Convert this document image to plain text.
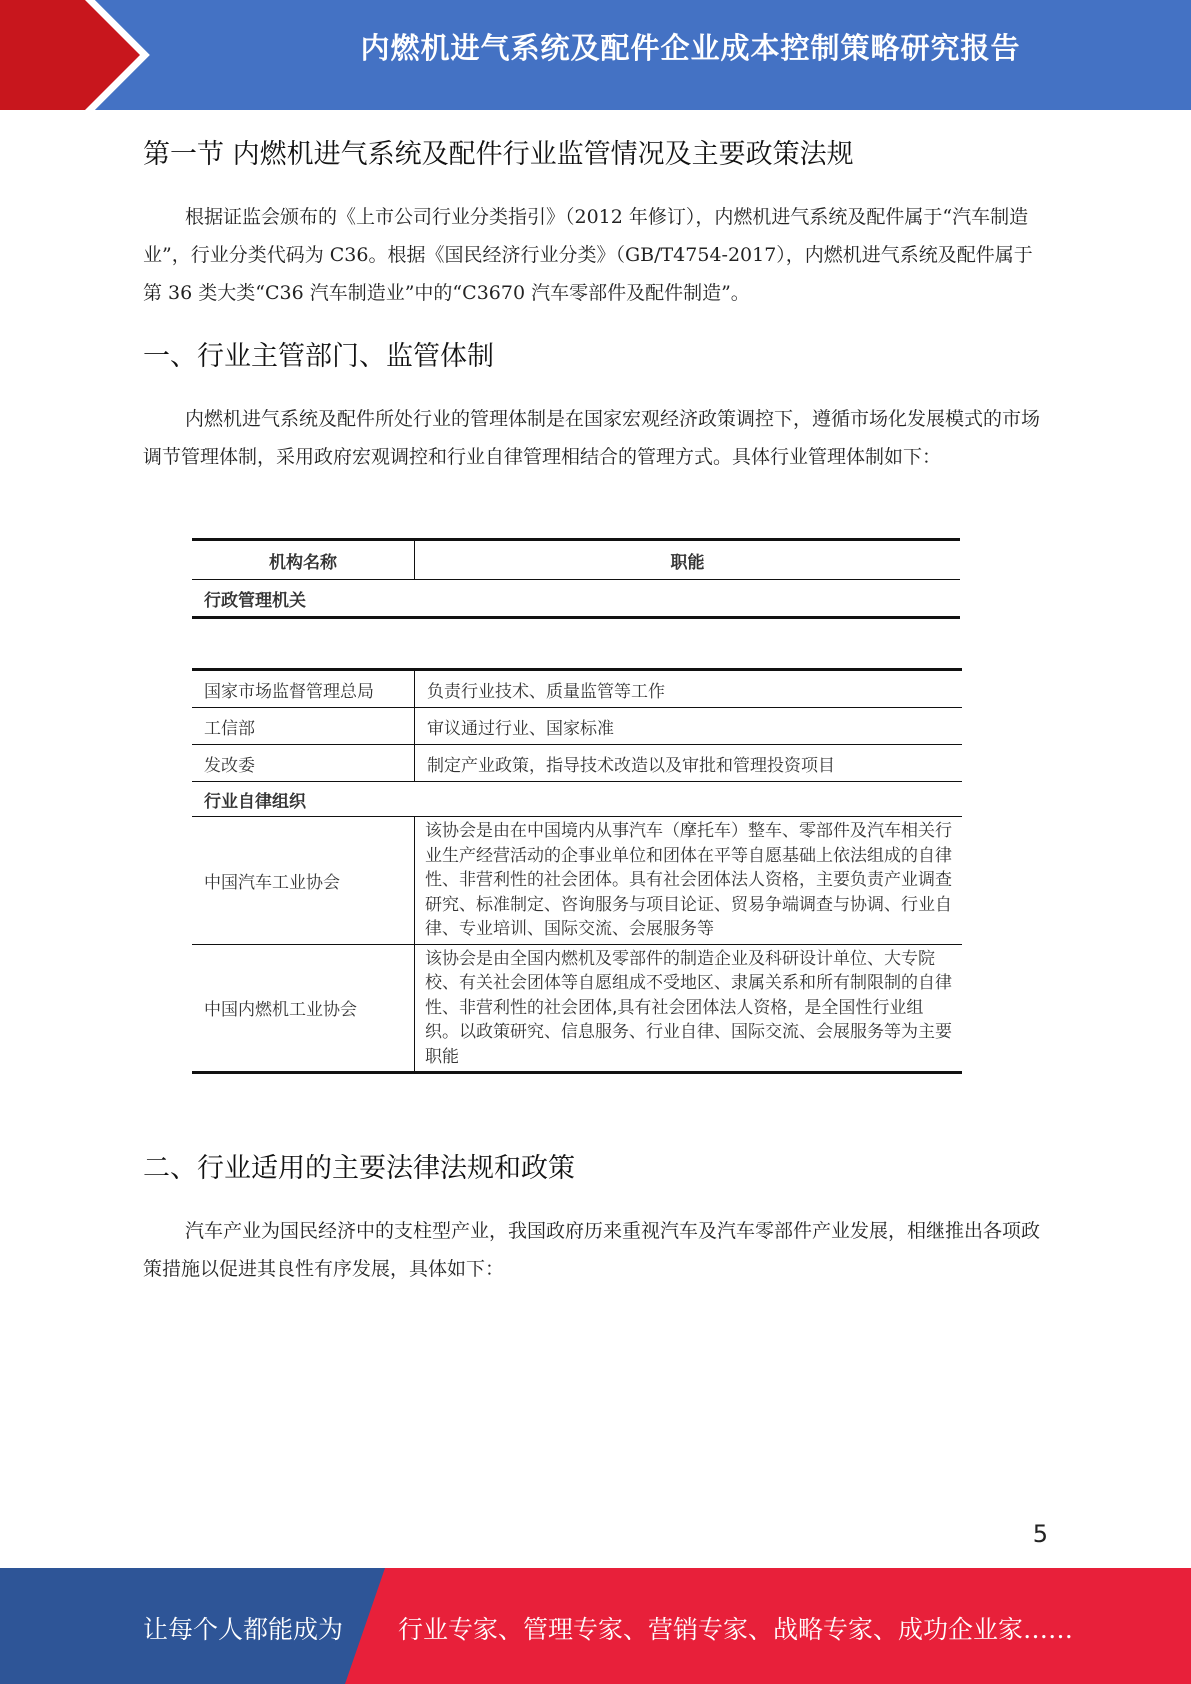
内燃机进气系统及配件企业成本控制策略研究报告
第一节 内燃机进气系统及配件行业监管情况及主要政策法规

根据证监会颁布的《上市公司行业分类指引》（2012 年修订），内燃机进气系统及配件属于“汽车制造业”，行业分类代码为 C36。根据《国民经济行业分类》（GB/T4754-2017），内燃机进气系统及配件属于第 36 类大类“C36 汽车制造业”中的“C3670 汽车零部件及配件制造”。

一、行业主管部门、监管体制

内燃机进气系统及配件所处行业的管理体制是在国家宏观经济政策调控下，遵循市场化发展模式的市场调节管理体制，采用政府宏观调控和行业自律管理相结合的管理方式。具体行业管理体制如下：

机构名称	职能
行政管理机关
国家市场监督管理总局	负责行业技术、质量监管等工作
工信部	审议通过行业、国家标准
发改委	制定产业政策，指导技术改造以及审批和管理投资项目
行业自律组织	
中国汽车工业协会	该协会是由在中国境内从事汽车（摩托车）整车、零部件及汽车相关行业生产经营活动的企事业单位和团体在平等自愿基础上依法组成的自律性、非营利性的社会团体。具有社会团体法人资格，主要负责产业调查研究、标准制定、咨询服务与项目论证、贸易争端调查与协调、行业自律、专业培训、国际交流、会展服务等
中国内燃机工业协会	该协会是由全国内燃机及零部件的制造企业及科研设计单位、大专院校、有关社会团体等自愿组成不受地区、隶属关系和所有制限制的自律性、非营利性的社会团体,具有社会团体法人资格，是全国性行业组织。以政策研究、信息服务、行业自律、国际交流、会展服务等为主要职能
二、行业适用的主要法律法规和政策

汽车产业为国民经济中的支柱型产业，我国政府历来重视汽车及汽车零部件产业发展，相继推出各项政策措施以促进其良性有序发展，具体如下：

5
让每个人都能成为 行业专家、管理专家、营销专家、战略专家、成功企业家……
